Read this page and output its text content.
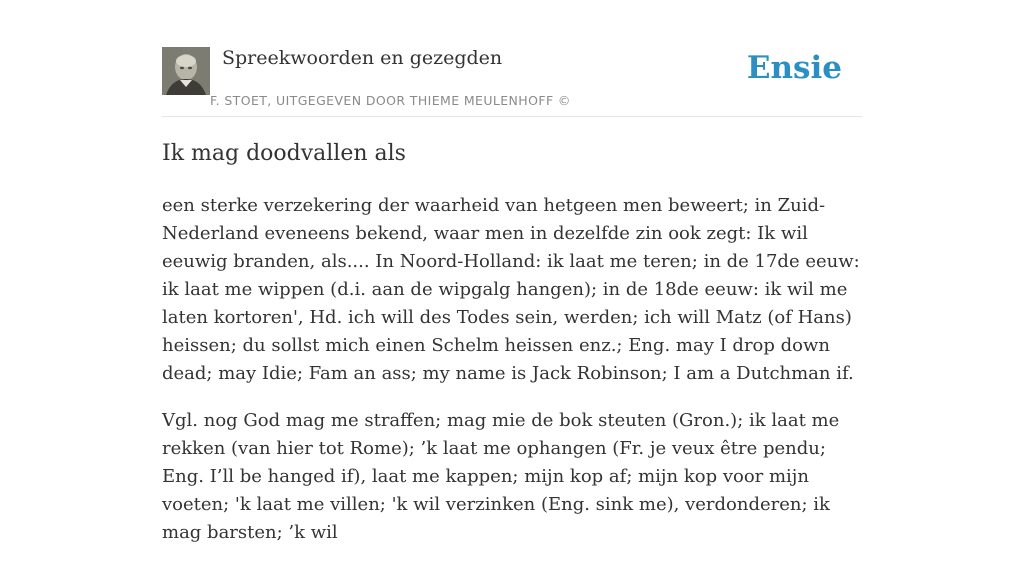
Spreekwoorden en gezegden
F. STOET, UITGEGEVEN DOOR THIEME MEULENHOFF ©
Ensie
Ik mag doodvallen als

een sterke verzekering der waarheid van hetgeen men beweert; in Zuid-Nederland eveneens bekend, waar men in dezelfde zin ook zegt: Ik wil eeuwig branden, als.... In Noord-Holland: ik laat me teren; in de 17de eeuw: ik laat me wippen (d.i. aan de wipgalg hangen); in de 18de eeuw: ik wil me laten kortoren', Hd. ich will des Todes sein, werden; ich will Matz (of Hans) heissen; du sollst mich einen Schelm heissen enz.; Eng. may I drop down dead; may Idie; Fam an ass; my name is Jack Robinson; I am a Dutchman if.

Vgl. nog God mag me straffen; mag mie de bok steuten (Gron.); ik laat me rekken (van hier tot Rome); ’k laat me ophangen (Fr. je veux être pendu; Eng. I’ll be hanged if), laat me kappen; mijn kop af; mijn kop voor mijn voeten; 'k laat me villen; 'k wil verzinken (Eng. sink me), verdonderen; ik mag barsten; ’k wil
